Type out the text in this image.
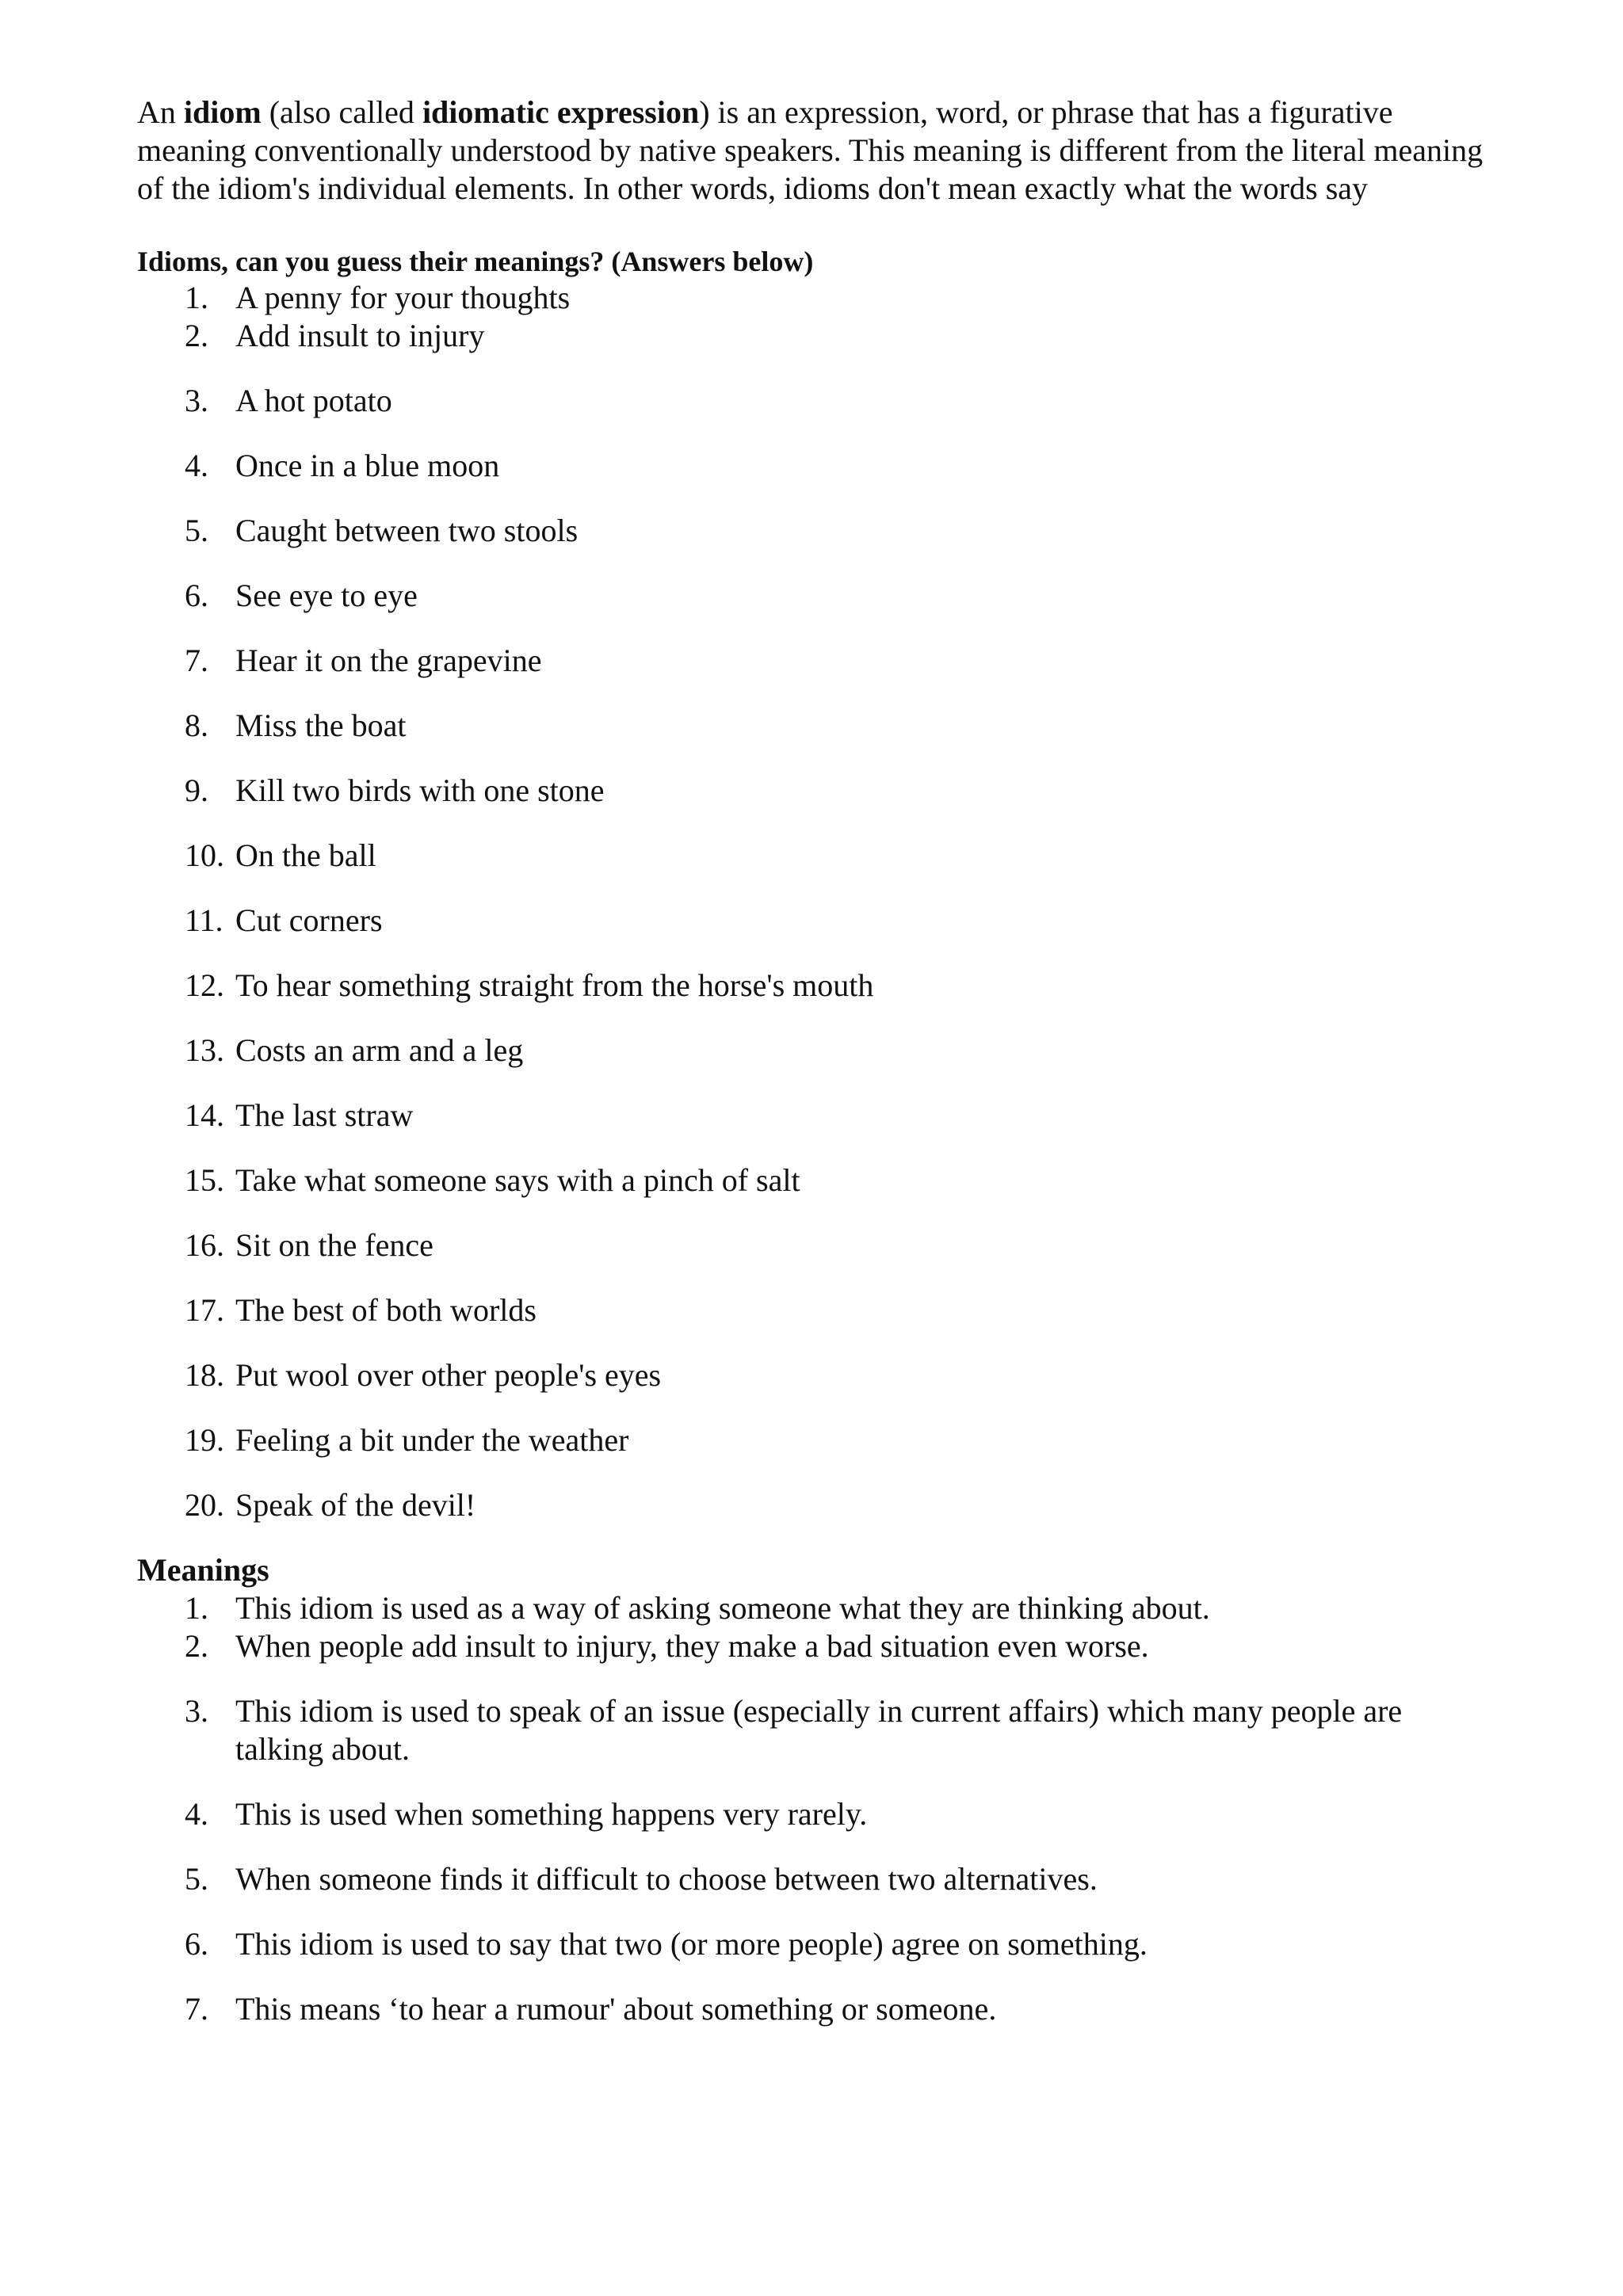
An idiom (also called idiomatic expression) is an expression, word, or phrase that has a figurative meaning conventionally understood by native speakers. This meaning is different from the literal meaning of the idiom's individual elements. In other words, idioms don't mean exactly what the words say

Idioms, can you guess their meanings? (Answers below)
1. A penny for your thoughts
2. Add insult to injury
3. A hot potato
4. Once in a blue moon
5. Caught between two stools
6. See eye to eye
7. Hear it on the grapevine
8. Miss the boat
9. Kill two birds with one stone
10. On the ball
11. Cut corners
12. To hear something straight from the horse's mouth
13. Costs an arm and a leg
14. The last straw
15. Take what someone says with a pinch of salt
16. Sit on the fence
17. The best of both worlds
18. Put wool over other people's eyes
19. Feeling a bit under the weather
20. Speak of the devil!
Meanings
1. This idiom is used as a way of asking someone what they are thinking about.
2. When people add insult to injury, they make a bad situation even worse.
3. This idiom is used to speak of an issue (especially in current affairs) which many people are talking about.
4. This is used when something happens very rarely.
5. When someone finds it difficult to choose between two alternatives.
6. This idiom is used to say that two (or more people) agree on something.
7. This means ‘to hear a rumour' about something or someone.
